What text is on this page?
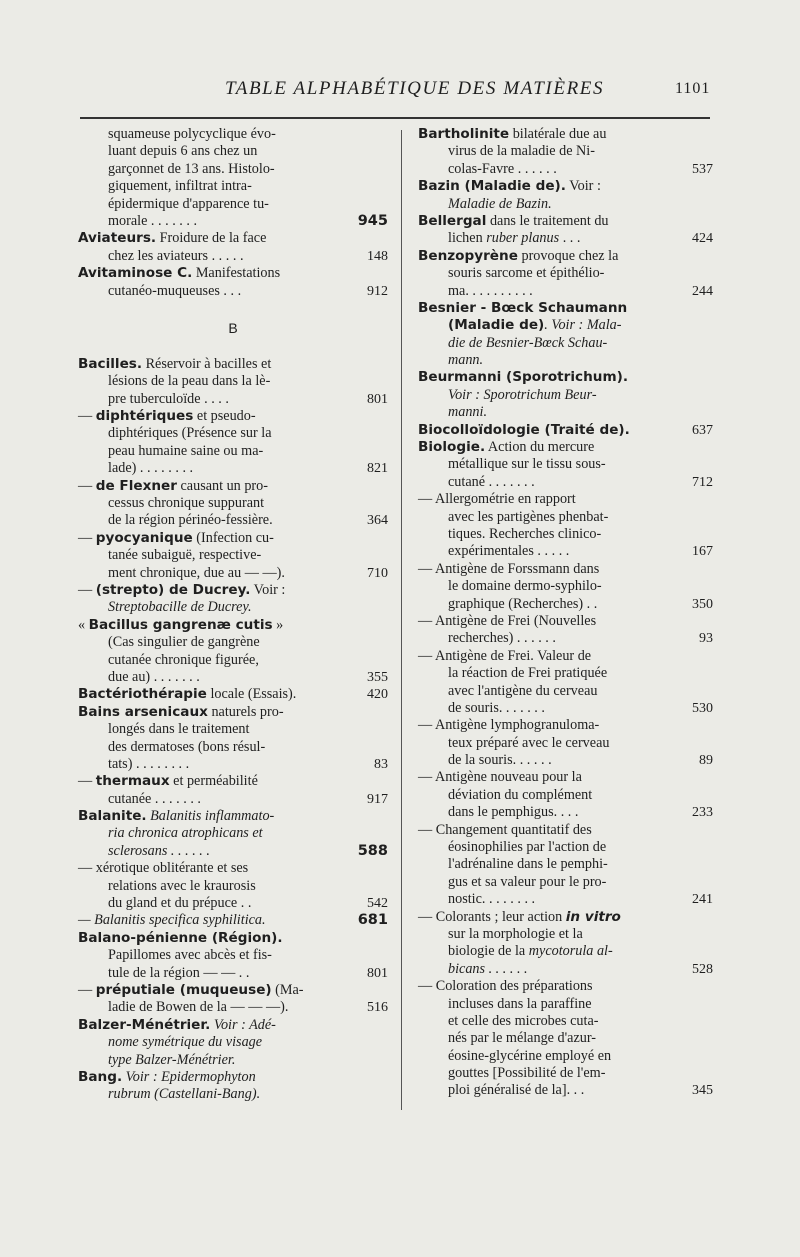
TABLE ALPHABÉTIQUE DES MATIÈRES	1101
squameuse polycyclique évo-
luant depuis 6 ans chez un
garçonnet de 13 ans. Histolo-
giquement, infiltrat intra-
épidermique d'apparence tu-
morale . . . . . . .	945
Aviateurs. Froidure de la face
chez les aviateurs . . . . .	148
Avitaminose C. Manifestations
cutanéo-muqueuses . . .	912
B
Bacilles. Réservoir à bacilles et
lésions de la peau dans la lè-
pre tuberculoïde . . . .	801
— diphtériques et pseudo-
diphtériques (Présence sur la
peau humaine saine ou ma-
lade) . . . . . . . .	821
— de Flexner causant un pro-
cessus chronique suppurant
de la région périnéo-fessière.	364
— pyocyanique (Infection cu-
tanée subaiguë, respective-
ment chronique, due au — —).	710
— (strepto) de Ducrey. Voir :
Streptobacille de Ducrey.
« Bacillus gangrenæ cutis »
(Cas singulier de gangrène
cutanée chronique figurée,
due au) . . . . . . .	355
Bactériothérapie locale (Essais).	420
Bains arsenicaux naturels pro-
longés dans le traitement
des dermatoses (bons résul-
tats) . . . . . . . .	83
— thermaux et perméabilité
cutanée . . . . . . .	917
Balanite. Balanitis inflammato-
ria chronica atrophicans et
sclerosans . . . . . .	588
— xérotique oblitérante et ses
relations avec le kraurosis
du gland et du prépuce . .	542
— Balanitis specifica syphilitica.	681
Balano-pénienne (Région).
Papillomes avec abcès et fis-
tule de la région — — . .	801
— préputiale (muqueuse) (Ma-
ladie de Bowen de la — — —).	516
Balzer-Ménétrier. Voir : Adé-
nome symétrique du visage
type Balzer-Ménétrier.
Bang. Voir : Epidermophyton
rubrum (Castellani-Bang).
Bartholinite bilatérale due au
virus de la maladie de Ni-
colas-Favre . . . . . .	537
Bazin (Maladie de). Voir :
Maladie de Bazin.
Bellergal dans le traitement du
lichen ruber planus . . .	424
Benzopyrène provoque chez la
souris sarcome et épithélio-
ma. . . . . . . . . .	244
Besnier - Bœck Schaumann
(Maladie de). Voir : Mala-
die de Besnier-Bœck Schau-
mann.
Beurmanni (Sporotrichum).
Voir : Sporotrichum Beur-
manni.
Biocolloïdologie (Traité de).	637
Biologie. Action du mercure
métallique sur le tissu sous-
cutané . . . . . . .	712
— Allergométrie en rapport
avec les partigènes phenbat-
tiques. Recherches clinico-
expérimentales . . . . .	167
— Antigène de Forssmann dans
le domaine dermo-syphilo-
graphique (Recherches) . .	350
— Antigène de Frei (Nouvelles
recherches) . . . . . .	93
— Antigène de Frei. Valeur de
la réaction de Frei pratiquée
avec l'antigène du cerveau
de souris. . . . . . .	530
— Antigène lymphogranuloma-
teux préparé avec le cerveau
de la souris. . . . . .	89
— Antigène nouveau pour la
déviation du complément
dans le pemphigus. . . .	233
— Changement quantitatif des
éosinophilies par l'action de
l'adrénaline dans le pemphi-
gus et sa valeur pour le pro-
nostic. . . . . . . .	241
— Colorants ; leur action in vitro
sur la morphologie et la
biologie de la mycotorula al-
bicans . . . . . .	528
— Coloration des préparations
incluses dans la paraffine
et celle des microbes cuta-
nés par le mélange d'azur-
éosine-glycérine employé en
gouttes [Possibilité de l'em-
ploi généralisé de la]. . .	345
